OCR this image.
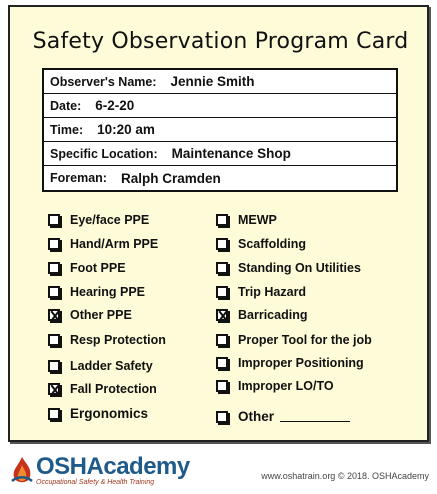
Safety Observation Program Card
Observer's Name: Jennie Smith
Date: 6-2-20
Time: 10:20 am
Specific Location: Maintenance Shop
Foreman: Ralph Cramden
Eye/face PPE
Hand/Arm PPE
Foot PPE
Hearing PPE
Other PPE
Resp Protection
Ladder Safety
Fall Protection
Ergonomics
MEWP
Scaffolding
Standing On Utilities
Trip Hazard
Barricading
Proper Tool for the job
Improper Positioning
Improper LO/TO
Other
OSHAcademy
Occupational Safety & Health Training
www.oshatrain.org © 2018. OSHAcademy
